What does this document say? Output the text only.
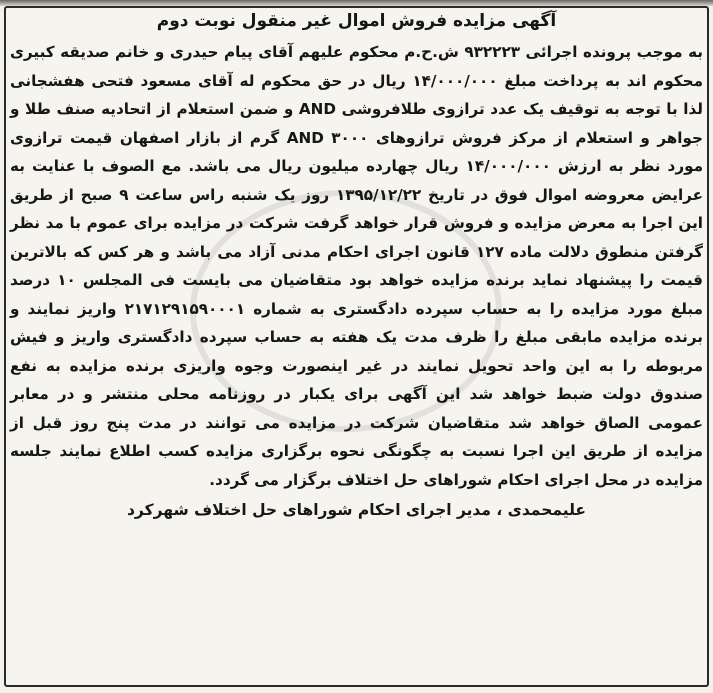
آگهی مزایده فروش اموال غیر منقول نوبت دوم

به موجب پرونده اجرائی ۹۳۲۲۲۳ ش.ح.م محکوم علیهم آقای پیام حیدری و خانم صدیقه کبیری محکوم اند به پرداخت مبلغ ۱۴/۰۰۰/۰۰۰ ریال در حق محکوم له آقای مسعود فتحی هفشجانی لذا با توجه به توقیف یک عدد ترازوی طلافروشی AND و ضمن استعلام از اتحادیه صنف طلا و جواهر و استعلام از مرکز فروش ترازوهای AND ۳۰۰۰ گرم از بازار اصفهان قیمت ترازوی مورد نظر به ارزش ۱۴/۰۰۰/۰۰۰ ریال چهارده میلیون ریال می باشد. مع الصوف با عنایت به عرایض معروضه اموال فوق در تاریخ ۱۳۹۵/۱۲/۲۲ روز یک شنبه راس ساعت ۹ صبح از طریق این اجرا به معرض مزایده و فروش قرار خواهد گرفت شرکت در مزایده برای عموم با مد نظر گرفتن منطوق دلالت ماده ۱۲۷ قانون اجرای احکام مدنی آزاد می باشد و هر کس که بالاترین قیمت را پیشنهاد نماید برنده مزایده خواهد بود متقاضیان می بایست فی المجلس ۱۰ درصد مبلغ مورد مزایده را به حساب سپرده دادگستری به شماره ۲۱۷۱۲۹۱۵۹۰۰۰۱ واریز نمایند و برنده مزایده مابقی مبلغ را ظرف مدت یک هفته به حساب سپرده دادگستری واریز و فیش مربوطه را به این واحد تحویل نمایند در غیر اینصورت وجوه واریزی برنده مزایده به نفع صندوق دولت ضبط خواهد شد این آگهی برای یکبار در روزنامه محلی منتشر و در معابر عمومی الصاق خواهد شد متقاضیان شرکت در مزایده می توانند در مدت پنج روز قبل از مزایده از طریق این اجرا نسبت به چگونگی نحوه برگزاری مزایده کسب اطلاع نمایند جلسه مزایده در محل اجرای احکام شوراهای حل اختلاف برگزار می گردد.

علیمحمدی ، مدیر اجرای احکام شوراهای حل اختلاف شهرکرد
